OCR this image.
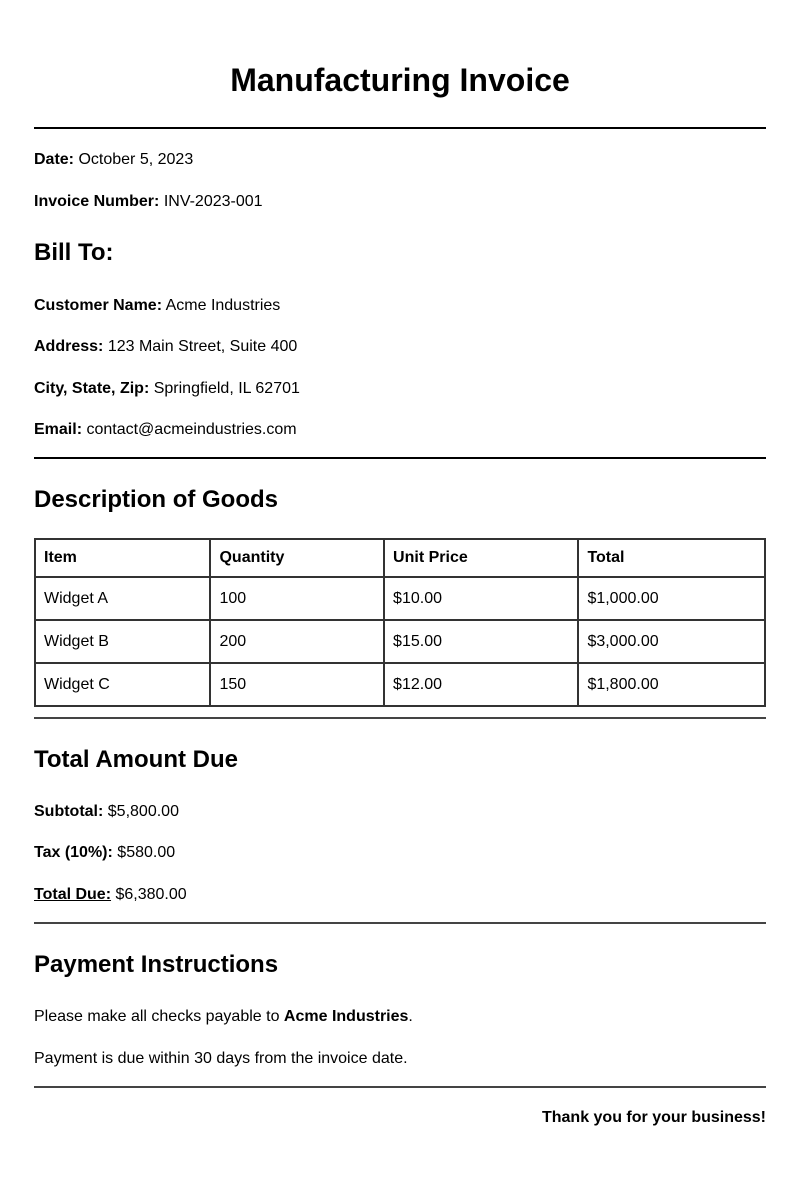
Manufacturing Invoice

Date: October 5, 2023

Invoice Number: INV-2023-001

Bill To:

Customer Name: Acme Industries

Address: 123 Main Street, Suite 400

City, State, Zip: Springfield, IL 62701

Email: contact@acmeindustries.com

Description of Goods
Item	Quantity	Unit Price	Total
Widget A	100	$10.00	$1,000.00
Widget B	200	$15.00	$3,000.00
Widget C	150	$12.00	$1,800.00
Total Amount Due

Subtotal: $5,800.00

Tax (10%): $580.00

Total Due: $6,380.00

Payment Instructions

Please make all checks payable to Acme Industries.

Payment is due within 30 days from the invoice date.

Thank you for your business!
